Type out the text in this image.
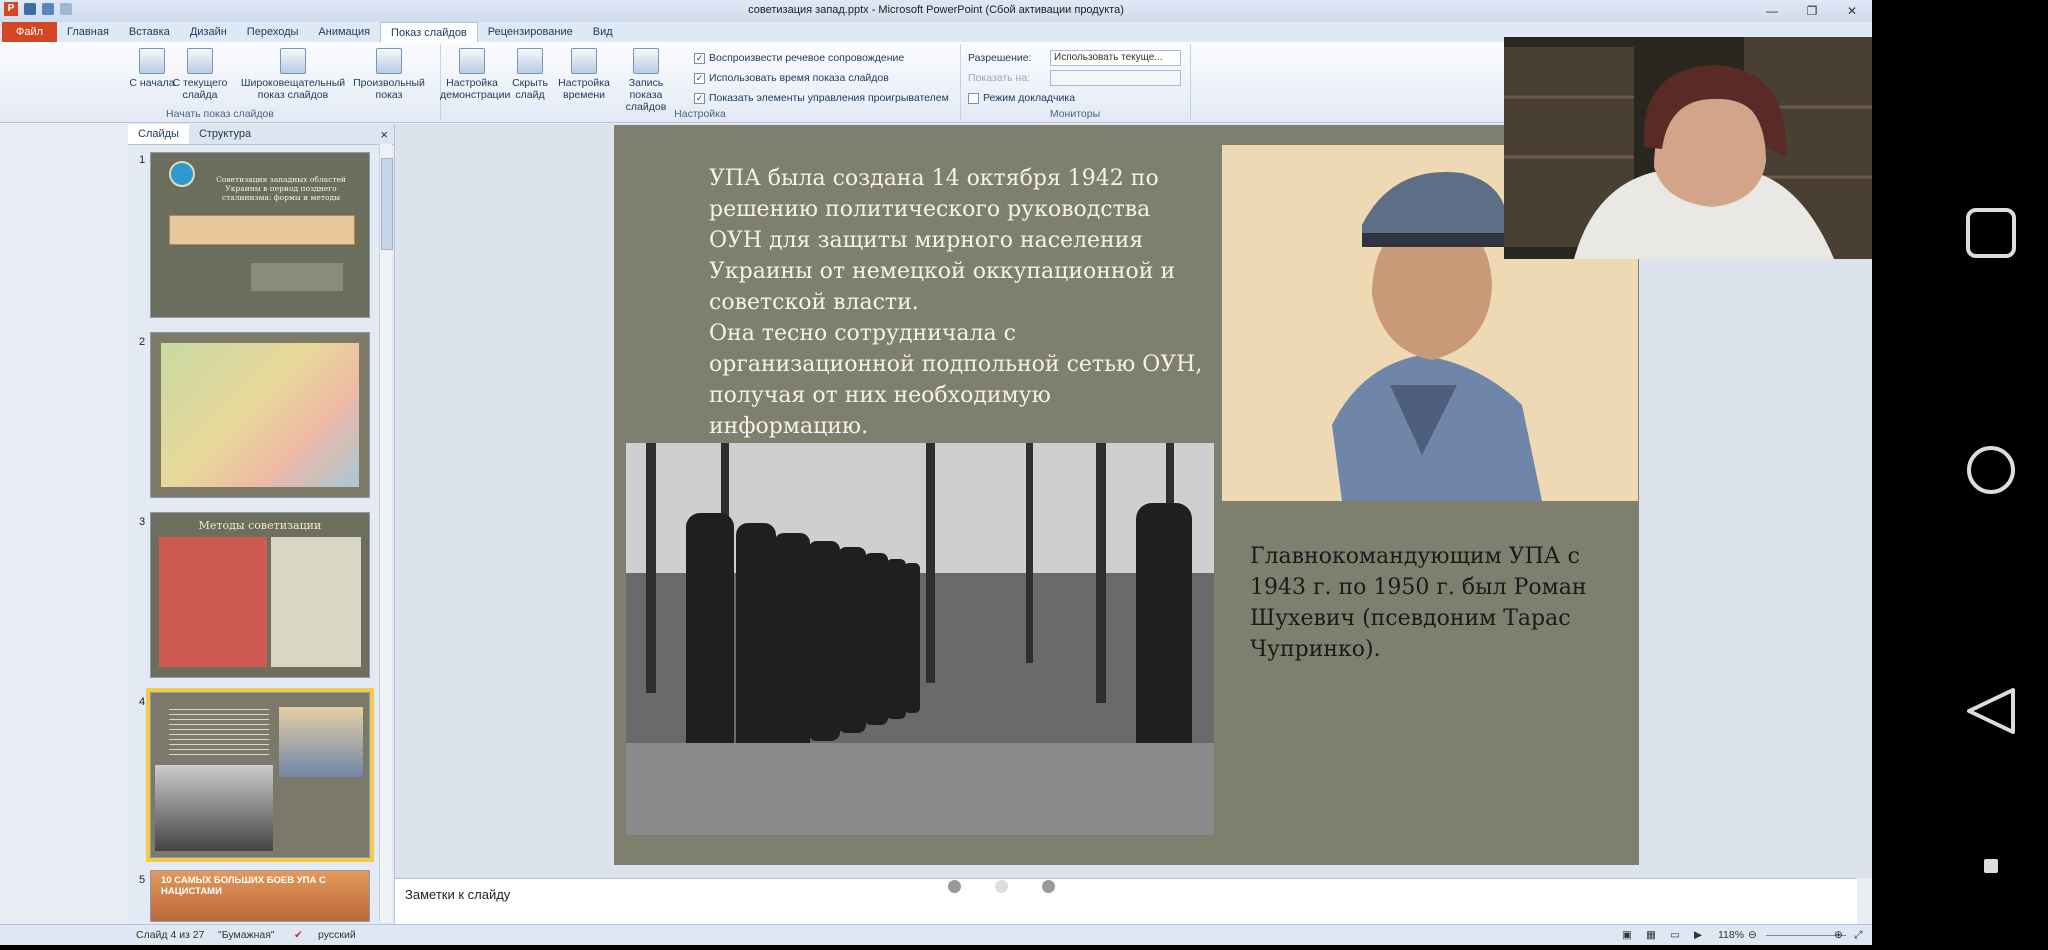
P	советизация запад.pptx - Microsoft PowerPoint (Сбой активации продукта)	—	❐	✕
Файл	Главная	Вставка	Дизайн	Переходы	Анимация	Показ слайдов	Рецензирование	Вид
С начала
С текущего слайда
Широковещательный показ слайдов
Произвольный показ
Начать показ слайдов
Настройка демонстрации
Скрыть слайд
Настройка времени
Запись показа слайдов
✓ Воспроизвести речевое сопровождение
✓ Использовать время показа слайдов
✓ Показать элементы управления проигрывателем
Настройка
Разрешение:	Использовать текуще...
Показать на:
Режим докладчика
Мониторы
Слайды	Структура	×
1
Советизация западных областей Украины в период позднего сталинизма: формы и методы
2
3	Методы советизации
4
5	10 САМЫХ БОЛЬШИХ БОЕВ УПА С НАЦИСТАМИ
УПА была создана 14 октября 1942 по решению политического руководства ОУН для защиты мирного населения Украины от немецкой оккупационной и советской власти.
Она тесно сотрудничала с организационной подпольной сетью ОУН, получая от них необходимую информацию.
Главнокомандующим УПА с 1943 г. по 1950 г. был Роман Шухевич (псевдоним Тарас Чупринко).
Заметки к слайду
Слайд 4 из 27 "Бумажная" ✔ русский	▣ ▦ ▭ ▶ 118% ⊖	⊕ ⤢
